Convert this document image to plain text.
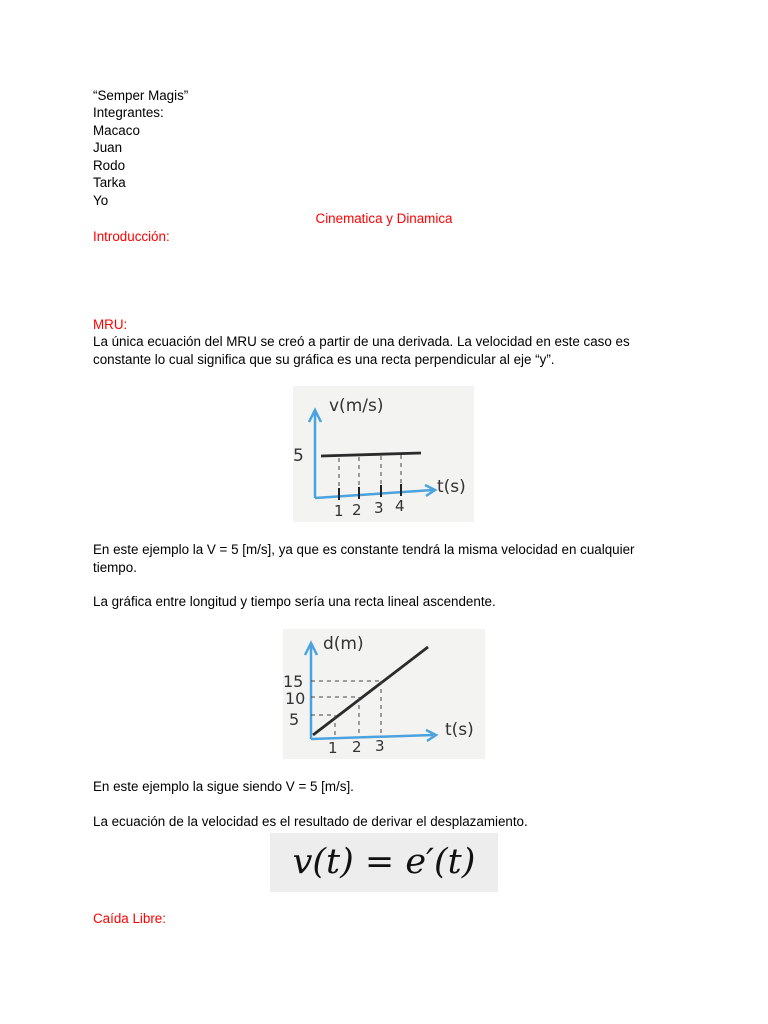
“Semper Magis”
Integrantes:
Macaco
Juan
Rodo
Tarka
Yo
Cinematica y Dinamica
Introducción:
MRU:
La única ecuación del MRU se creó a partir de una derivada. La velocidad en este caso es constante lo cual significa que su gráfica es una recta perpendicular al eje “y”.
v(m/s)
t(s)
5
1 2 3 4
En este ejemplo la V = 5 [m/s], ya que es constante tendrá la misma velocidad en cualquier tiempo.
La gráfica entre longitud y tiempo sería una recta lineal ascendente.
d(m)
t(s)
15
10
5
1 2 3
En este ejemplo la sigue siendo V = 5 [m/s].
La ecuación de la velocidad es el resultado de derivar el desplazamiento.
v(t) = e′(t)
Caída Libre:
